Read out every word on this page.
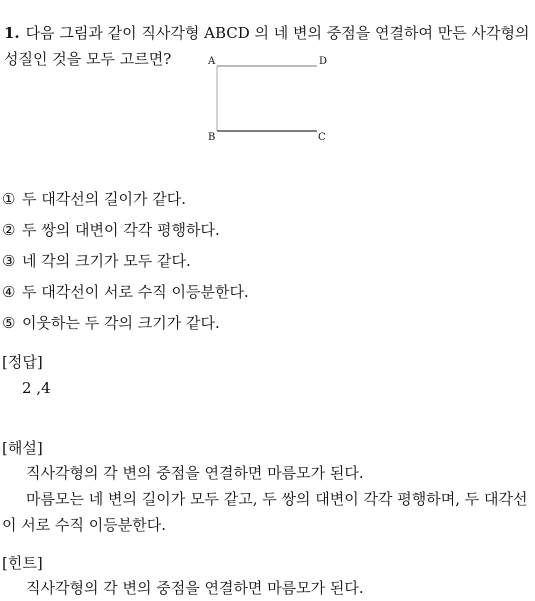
1. 다음 그림과 같이 직사각형 ABCD 의 네 변의 중점을 연결하여 만든 사각형의 성질인 것을 모두 고르면?	A	D
B	C
① 두 대각선의 길이가 같다.
② 두 쌍의 대변이 각각 평행하다.
③ 네 각의 크기가 모두 같다.
④ 두 대각선이 서로 수직 이등분한다.
⑤ 이웃하는 두 각의 크기가 같다.
[정답]
2 ,4
[해설]
직사각형의 각 변의 중점을 연결하면 마름모가 된다.
마름모는 네 변의 길이가 모두 같고, 두 쌍의 대변이 각각 평행하며, 두 대각선이 서로 수직 이등분한다.
[힌트]
직사각형의 각 변의 중점을 연결하면 마름모가 된다.
